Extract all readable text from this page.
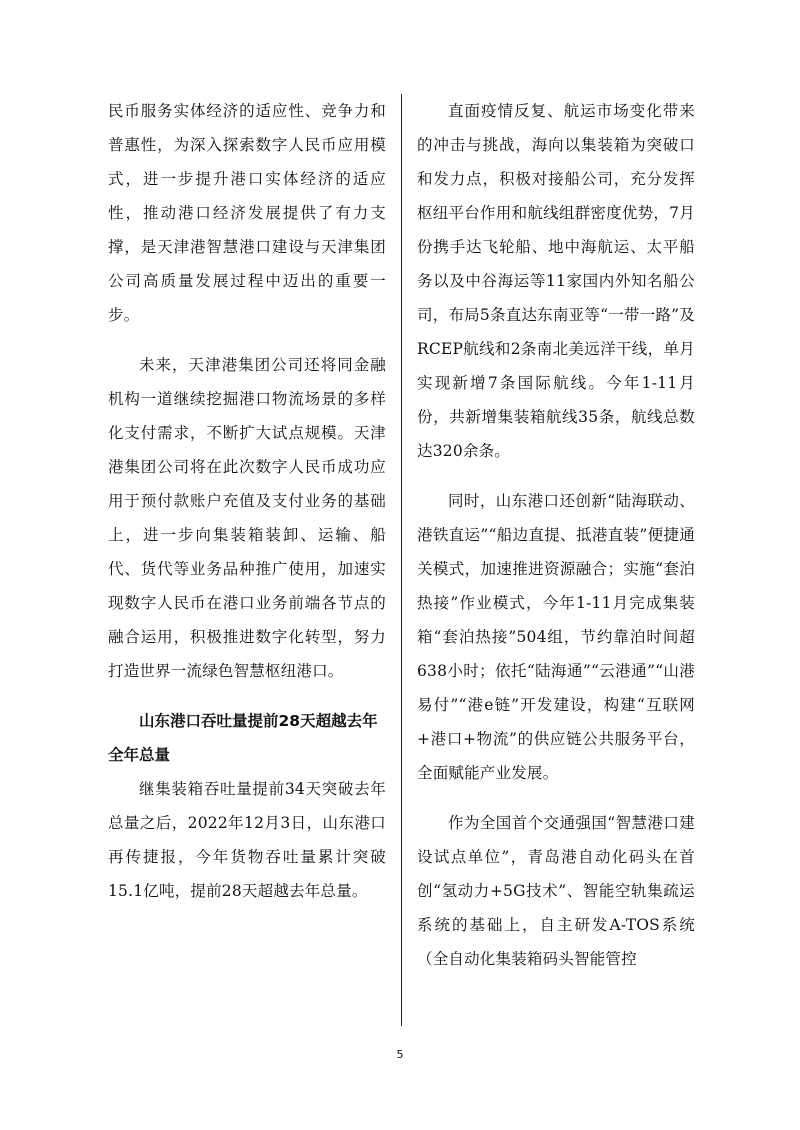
民币服务实体经济的适应性、竞争力和普惠性，为深入探索数字人民币应用模式，进一步提升港口实体经济的适应性，推动港口经济发展提供了有力支撑，是天津港智慧港口建设与天津集团公司高质量发展过程中迈出的重要一步。

未来，天津港集团公司还将同金融机构一道继续挖掘港口物流场景的多样化支付需求，不断扩大试点规模。天津港集团公司将在此次数字人民币成功应用于预付款账户充值及支付业务的基础上，进一步向集装箱装卸、运输、船代、货代等业务品种推广使用，加速实现数字人民币在港口业务前端各节点的融合运用，积极推进数字化转型，努力打造世界一流绿色智慧枢纽港口。

山东港口吞吐量提前28天超越去年全年总量

继集装箱吞吐量提前34天突破去年总量之后，2022年12月3日，山东港口再传捷报，今年货物吞吐量累计突破15.1亿吨，提前28天超越去年总量。

直面疫情反复、航运市场变化带来的冲击与挑战，海向以集装箱为突破口和发力点，积极对接船公司，充分发挥枢纽平台作用和航线组群密度优势，7月份携手达飞轮船、地中海航运、太平船务以及中谷海运等11家国内外知名船公司，布局5条直达东南亚等“一带一路”及RCEP航线和2条南北美远洋干线，单月实现新增7条国际航线。今年1-11月份，共新增集装箱航线35条，航线总数达320余条。

同时，山东港口还创新“陆海联动、港铁直运”“船边直提、抵港直装”便捷通关模式，加速推进资源融合；实施“套泊热接”作业模式，今年1-11月完成集装箱“套泊热接”504组，节约靠泊时间超638小时；依托“陆海通”“云港通”“山港易付”“港e链”开发建设，构建“互联网+港口+物流”的供应链公共服务平台，全面赋能产业发展。

作为全国首个交通强国“智慧港口建设试点单位”，青岛港自动化码头在首创“氢动力+5G技术”、智能空轨集疏运系统的基础上，自主研发A-TOS系统（全自动化集装箱码头智能管控

5
